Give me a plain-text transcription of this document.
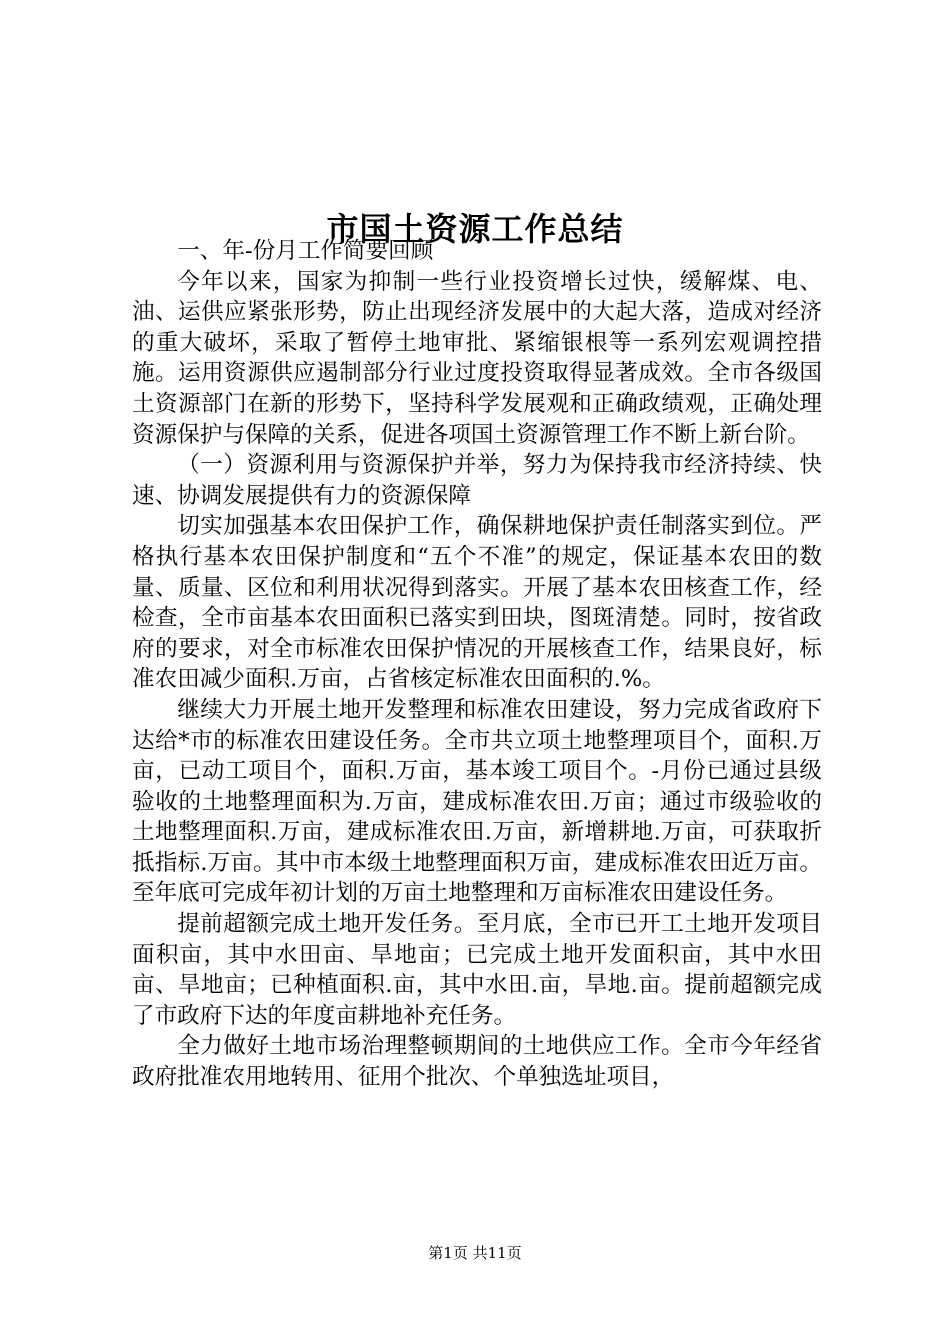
市国土资源工作总结

一、年-份月工作简要回顾

今年以来，国家为抑制一些行业投资增长过快，缓解煤、电、油、运供应紧张形势，防止出现经济发展中的大起大落，造成对经济的重大破坏，采取了暂停土地审批、紧缩银根等一系列宏观调控措施。运用资源供应遏制部分行业过度投资取得显著成效。全市各级国土资源部门在新的形势下，坚持科学发展观和正确政绩观，正确处理资源保护与保障的关系，促进各项国土资源管理工作不断上新台阶。

（一）资源利用与资源保护并举，努力为保持我市经济持续、快速、协调发展提供有力的资源保障

切实加强基本农田保护工作，确保耕地保护责任制落实到位。严格执行基本农田保护制度和“五个不准”的规定，保证基本农田的数量、质量、区位和利用状况得到落实。开展了基本农田核查工作，经检查，全市亩基本农田面积已落实到田块，图斑清楚。同时，按省政府的要求，对全市标准农田保护情况的开展核查工作，结果良好，标准农田减少面积.万亩，占省核定标准农田面积的.%。

继续大力开展土地开发整理和标准农田建设，努力完成省政府下达给*市的标准农田建设任务。全市共立项土地整理项目个，面积.万亩，已动工项目个，面积.万亩，基本竣工项目个。-月份已通过县级验收的土地整理面积为.万亩，建成标准农田.万亩；通过市级验收的土地整理面积.万亩，建成标准农田.万亩，新增耕地.万亩，可获取折抵指标.万亩。其中市本级土地整理面积万亩，建成标准农田近万亩。至年底可完成年初计划的万亩土地整理和万亩标准农田建设任务。

提前超额完成土地开发任务。至月底，全市已开工土地开发项目面积亩，其中水田亩、旱地亩；已完成土地开发面积亩，其中水田亩、旱地亩；已种植面积.亩，其中水田.亩，旱地.亩。提前超额完成了市政府下达的年度亩耕地补充任务。

全力做好土地市场治理整顿期间的土地供应工作。全市今年经省政府批准农用地转用、征用个批次、个单独选址项目，

第1页 共11页
